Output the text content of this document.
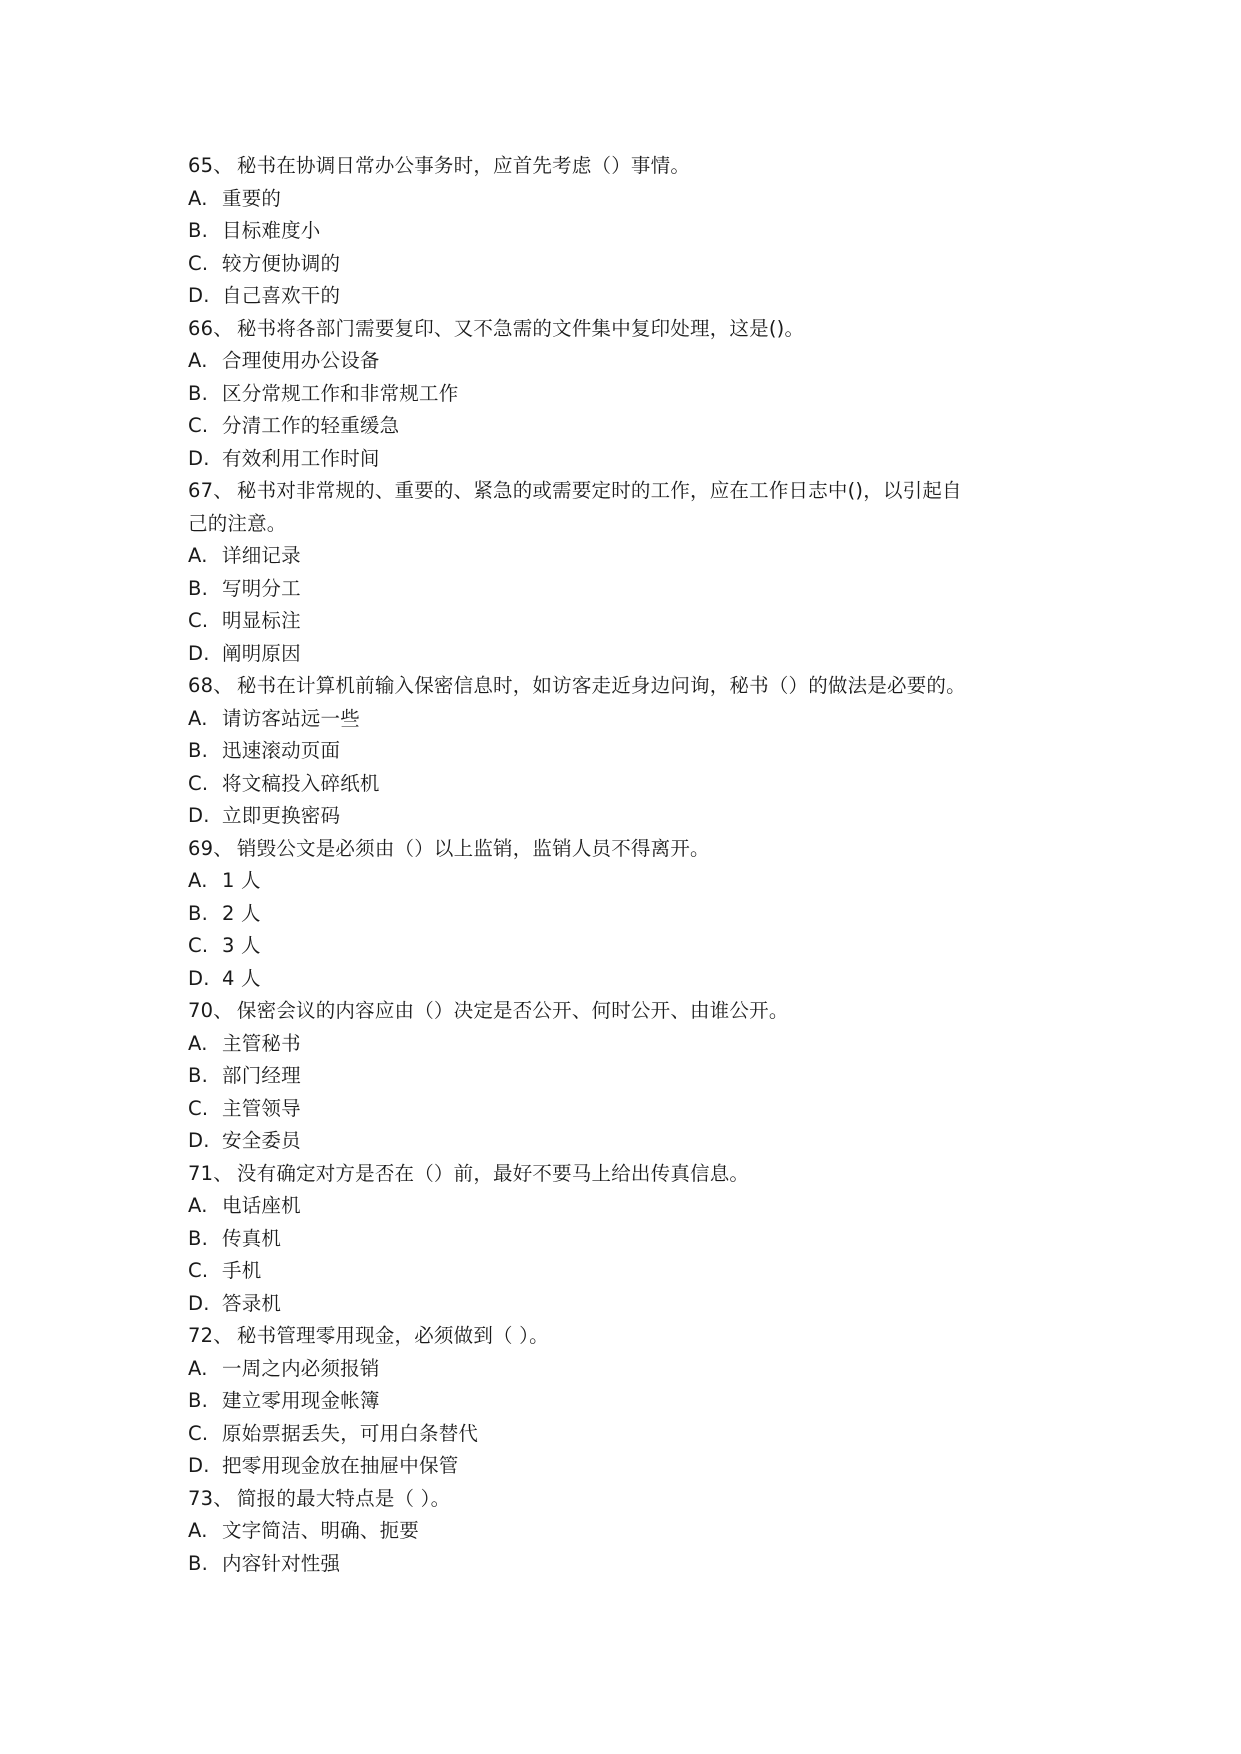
65、 秘书在协调日常办公事务时，应首先考虑（）事情。
A. 重要的
B. 目标难度小
C. 较方便协调的
D. 自己喜欢干的
66、 秘书将各部门需要复印、又不急需的文件集中复印处理，这是()。
A. 合理使用办公设备
B. 区分常规工作和非常规工作
C. 分清工作的轻重缓急
D. 有效利用工作时间
67、 秘书对非常规的、重要的、紧急的或需要定时的工作，应在工作日志中()，以引起自
己的注意。
A. 详细记录
B. 写明分工
C. 明显标注
D. 阐明原因
68、 秘书在计算机前输入保密信息时，如访客走近身边问询，秘书（）的做法是必要的。
A. 请访客站远一些
B. 迅速滚动页面
C. 将文稿投入碎纸机
D. 立即更换密码
69、 销毁公文是必须由（）以上监销，监销人员不得离开。
A. 1 人
B. 2 人
C. 3 人
D. 4 人
70、 保密会议的内容应由（）决定是否公开、何时公开、由谁公开。
A. 主管秘书
B. 部门经理
C. 主管领导
D. 安全委员
71、 没有确定对方是否在（）前，最好不要马上给出传真信息。
A. 电话座机
B. 传真机
C. 手机
D. 答录机
72、 秘书管理零用现金，必须做到（ ）。
A. 一周之内必须报销
B. 建立零用现金帐簿
C. 原始票据丢失，可用白条替代
D. 把零用现金放在抽屉中保管
73、 简报的最大特点是（ ）。
A. 文字简洁、明确、扼要
B. 内容针对性强
